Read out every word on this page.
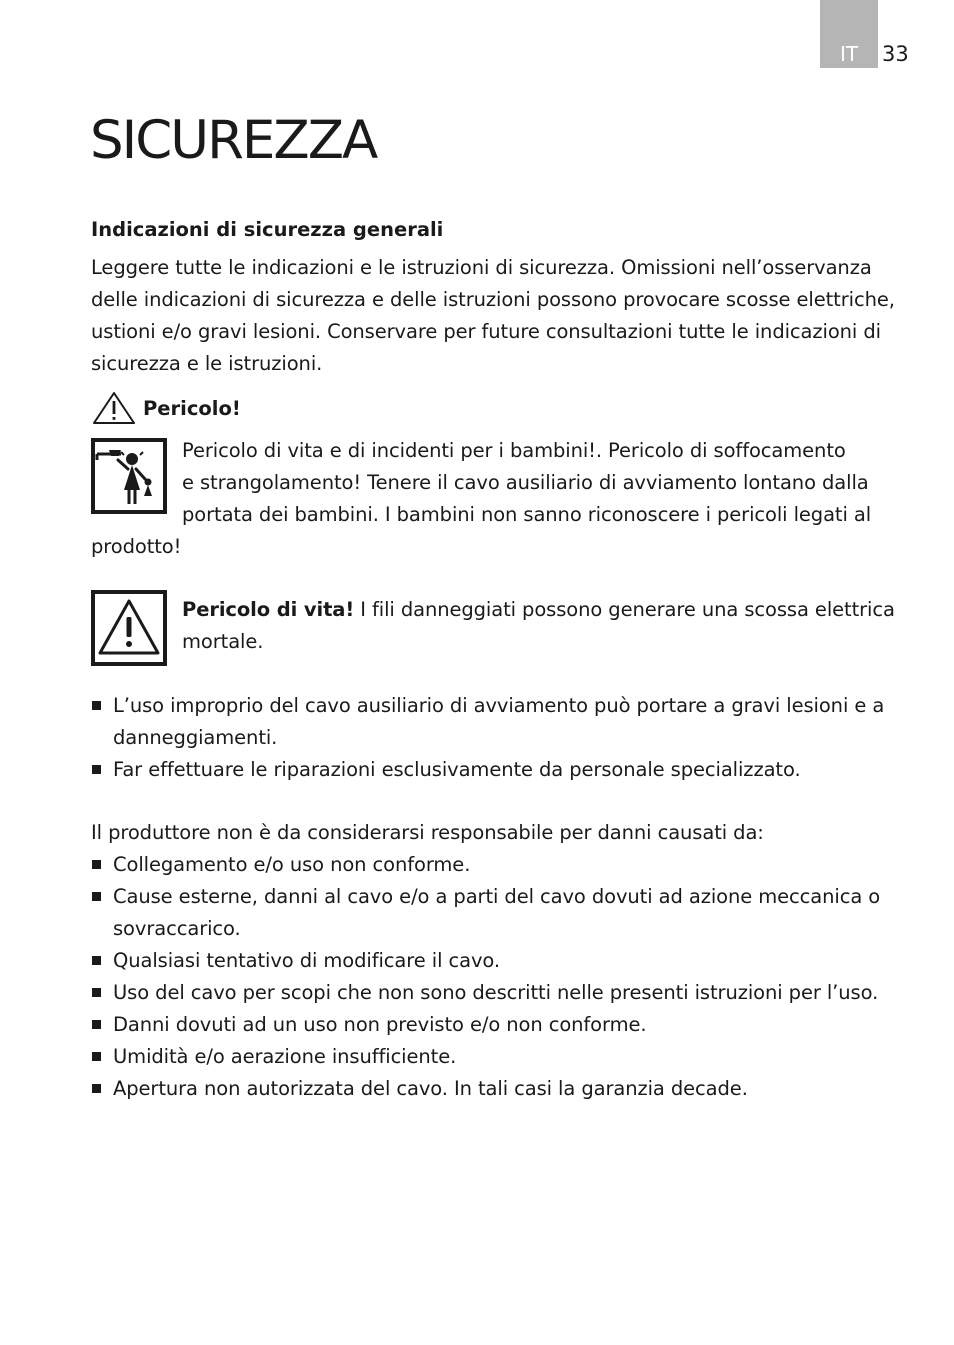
IT	33
SICUREZZA
Indicazioni di sicurezza generali

Leggere tutte le indicazioni e le istruzioni di sicurezza. Omissioni nell’osservanza
delle indicazioni di sicurezza e delle istruzioni possono provocare scosse elettriche,
ustioni e/o gravi lesioni. Conservare per future consultazioni tutte le indicazioni di
sicurezza e le istruzioni.

Pericolo!

Pericolo di vita e di incidenti per i bambini!. Pericolo di soffocamento
e strangolamento! Tenere il cavo ausiliario di avviamento lontano dalla
portata dei bambini. I bambini non sanno riconoscere i pericoli legati al
prodotto!

Pericolo di vita! I fili danneggiati possono generare una scossa elettrica mortale.

L’uso improprio del cavo ausiliario di avviamento può portare a gravi lesioni e a danneggiamenti.
Far effettuare le riparazioni esclusivamente da personale specializzato.

Il produttore non è da considerarsi responsabile per danni causati da:

Collegamento e/o uso non conforme.
Cause esterne, danni al cavo e/o a parti del cavo dovuti ad azione meccanica o sovraccarico.
Qualsiasi tentativo di modificare il cavo.
Uso del cavo per scopi che non sono descritti nelle presenti istruzioni per l’uso.
Danni dovuti ad un uso non previsto e/o non conforme.
Umidità e/o aerazione insufficiente.
Apertura non autorizzata del cavo. In tali casi la garanzia decade.
